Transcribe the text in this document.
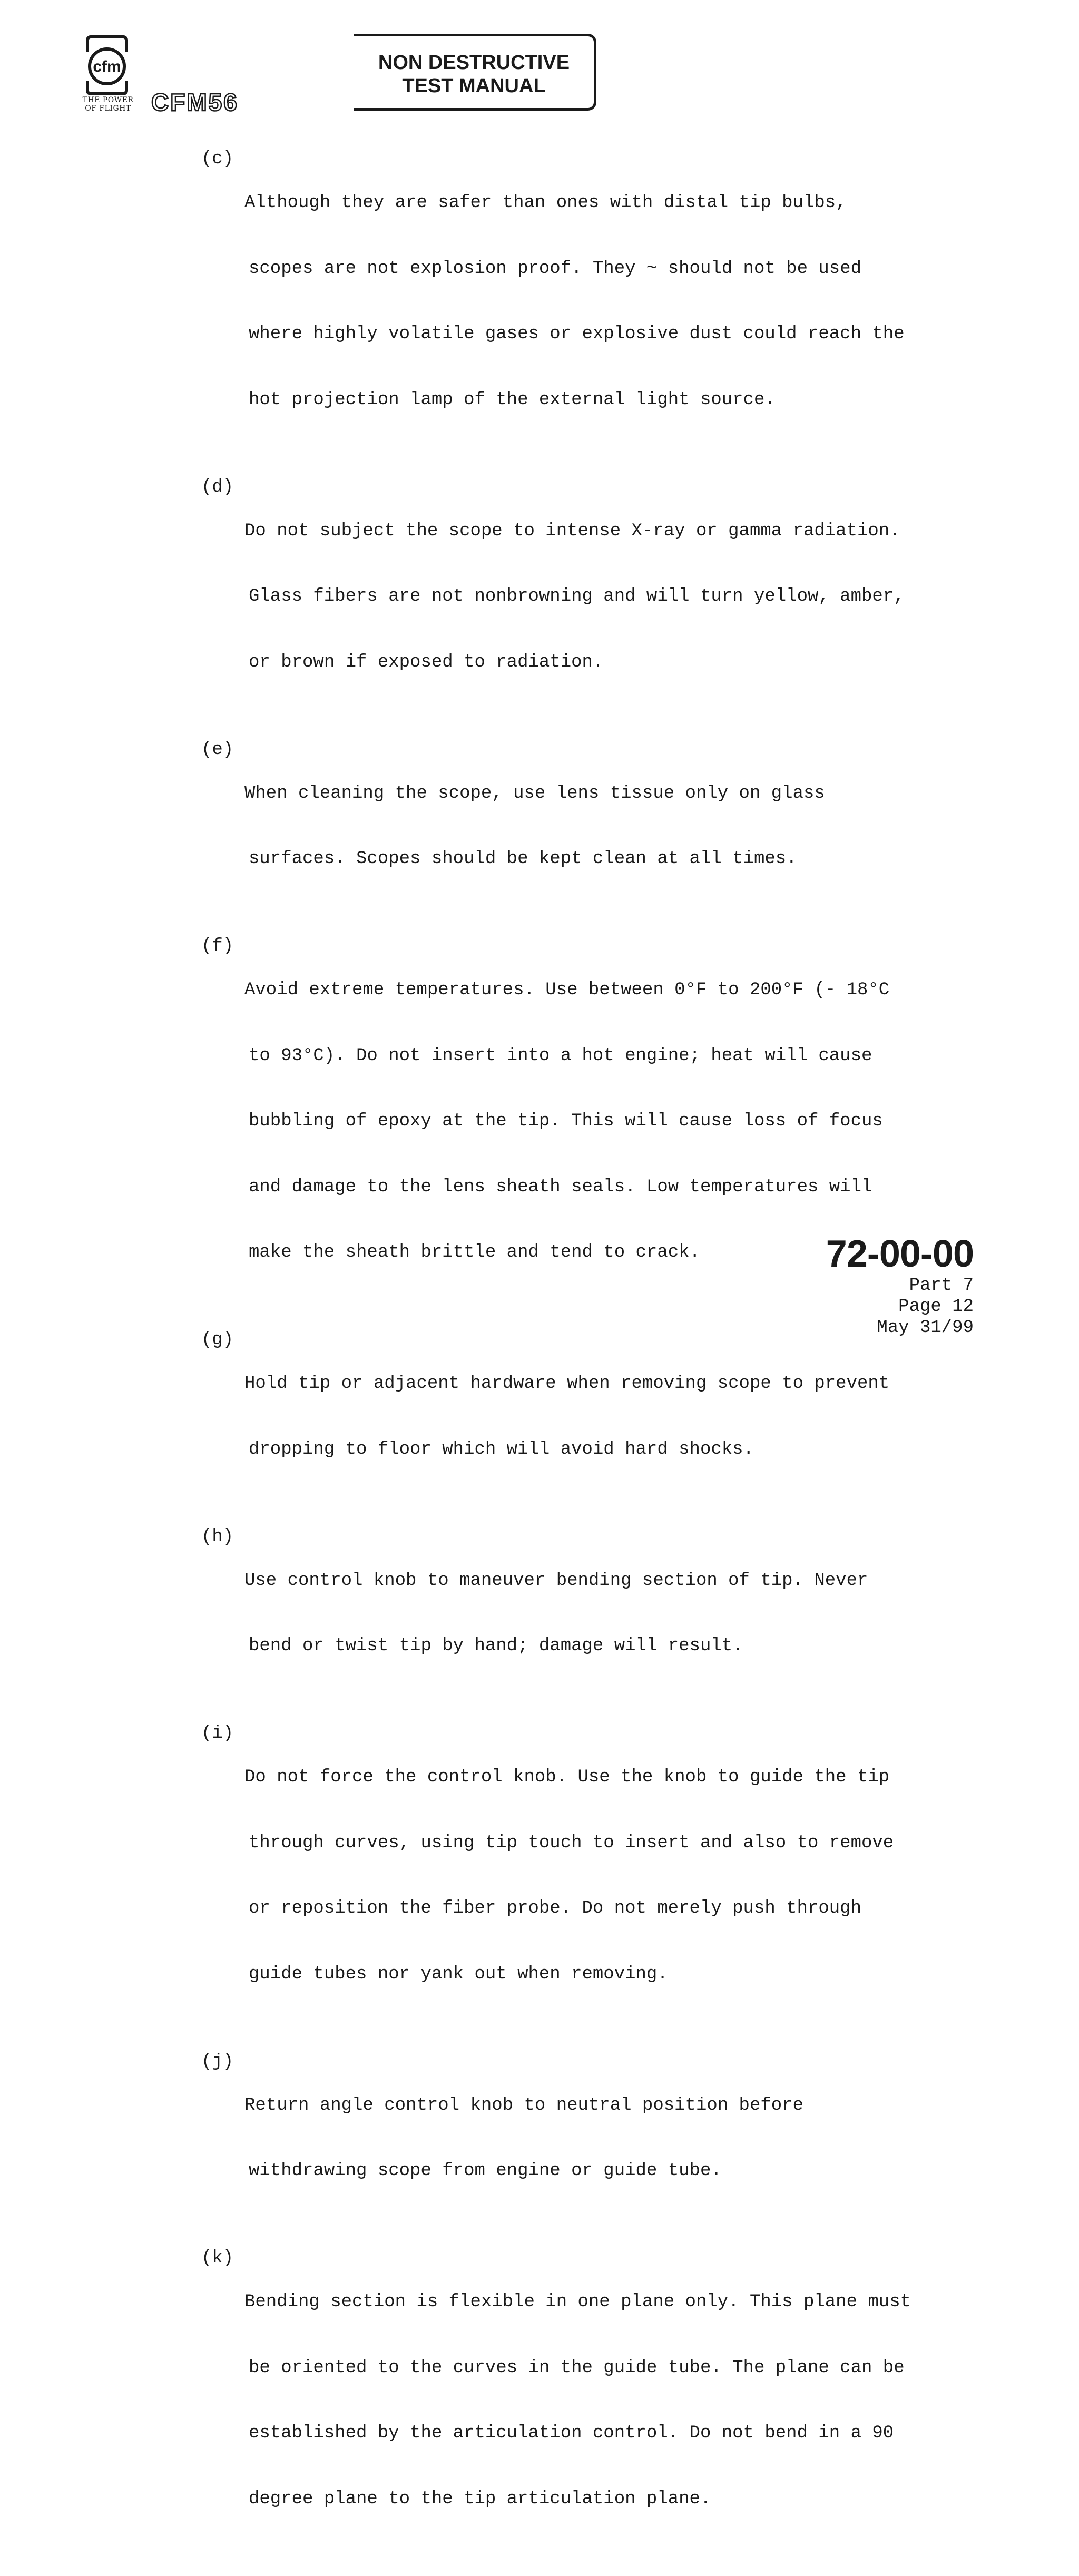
cfm
THE POWER
OF FLIGHT CFM56
NON DESTRUCTIVE
TEST MANUAL
(c)

Although they are safer than ones with distal tip bulbs,

scopes are not explosion proof. They ~ should not be used

where highly volatile gases or explosive dust could reach the

hot projection lamp of the external light source.

(d)

Do not subject the scope to intense X-ray or gamma radiation.

Glass fibers are not nonbrowning and will turn yellow, amber,

or brown if exposed to radiation.

(e)

When cleaning the scope, use lens tissue only on glass

surfaces. Scopes should be kept clean at all times.

(f)

Avoid extreme temperatures. Use between 0°F to 200°F (- 18°C

to 93°C). Do not insert into a hot engine; heat will cause

bubbling of epoxy at the tip. This will cause loss of focus

and damage to the lens sheath seals. Low temperatures will

make the sheath brittle and tend to crack.

(g)

Hold tip or adjacent hardware when removing scope to prevent

dropping to floor which will avoid hard shocks.

(h)

Use control knob to maneuver bending section of tip. Never

bend or twist tip by hand; damage will result.

(i)

Do not force the control knob. Use the knob to guide the tip

through curves, using tip touch to insert and also to remove

or reposition the fiber probe. Do not merely push through

guide tubes nor yank out when removing.

(j)

Return angle control knob to neutral position before

withdrawing scope from engine or guide tube.

(k)

Bending section is flexible in one plane only. This plane must

be oriented to the curves in the guide tube. The plane can be

established by the articulation control. Do not bend in a 90

degree plane to the tip articulation plane.

72-00-00
Part 7
Page 12
May 31/99
